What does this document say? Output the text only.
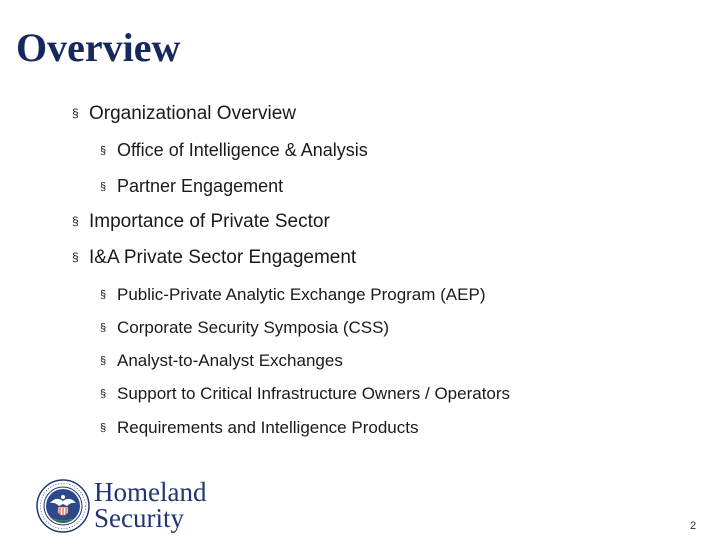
Overview
§ Organizational Overview
§ Office of Intelligence & Analysis
§ Partner Engagement
§ Importance of Private Sector
§ I&A Private Sector Engagement
§ Public-Private Analytic Exchange Program (AEP)
§ Corporate Security Symposia (CSS)
§ Analyst-to-Analyst Exchanges
§ Support to Critical Infrastructure Owners / Operators
§ Requirements and Intelligence Products
Homeland
Security	2
